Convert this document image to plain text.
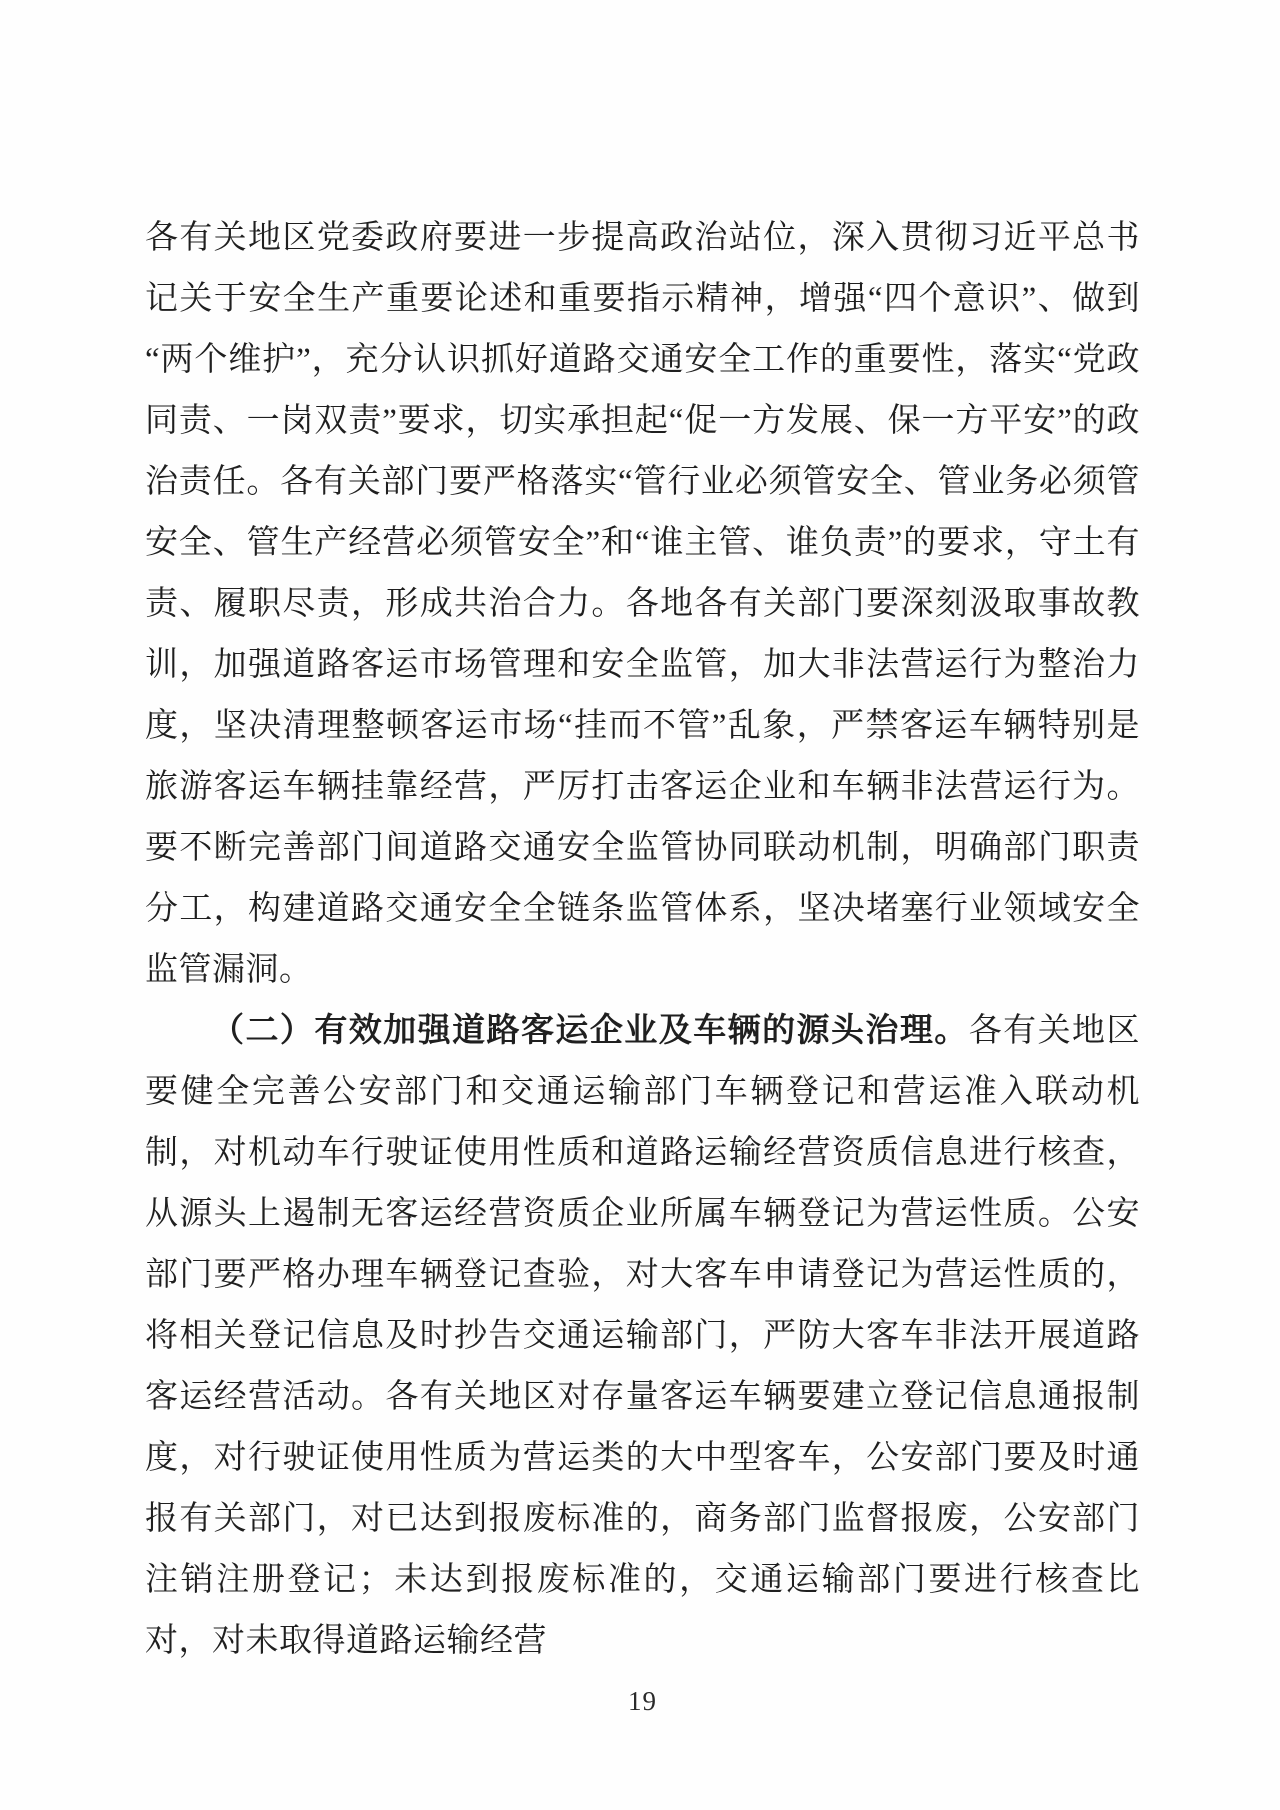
各有关地区党委政府要进一步提高政治站位，深入贯彻习近平总书记关于安全生产重要论述和重要指示精神，增强“四个意识”、做到“两个维护”，充分认识抓好道路交通安全工作的重要性，落实“党政同责、一岗双责”要求，切实承担起“促一方发展、保一方平安”的政治责任。各有关部门要严格落实“管行业必须管安全、管业务必须管安全、管生产经营必须管安全”和“谁主管、谁负责”的要求，守土有责、履职尽责，形成共治合力。各地各有关部门要深刻汲取事故教训，加强道路客运市场管理和安全监管，加大非法营运行为整治力度，坚决清理整顿客运市场“挂而不管”乱象，严禁客运车辆特别是旅游客运车辆挂靠经营，严厉打击客运企业和车辆非法营运行为。要不断完善部门间道路交通安全监管协同联动机制，明确部门职责分工，构建道路交通安全全链条监管体系，坚决堵塞行业领域安全监管漏洞。

（二）有效加强道路客运企业及车辆的源头治理。各有关地区要健全完善公安部门和交通运输部门车辆登记和营运准入联动机制，对机动车行驶证使用性质和道路运输经营资质信息进行核查，从源头上遏制无客运经营资质企业所属车辆登记为营运性质。公安部门要严格办理车辆登记查验，对大客车申请登记为营运性质的，将相关登记信息及时抄告交通运输部门，严防大客车非法开展道路客运经营活动。各有关地区对存量客运车辆要建立登记信息通报制度，对行驶证使用性质为营运类的大中型客车，公安部门要及时通报有关部门，对已达到报废标准的，商务部门监督报废，公安部门注销注册登记；未达到报废标准的，交通运输部门要进行核查比对，对未取得道路运输经营

19
